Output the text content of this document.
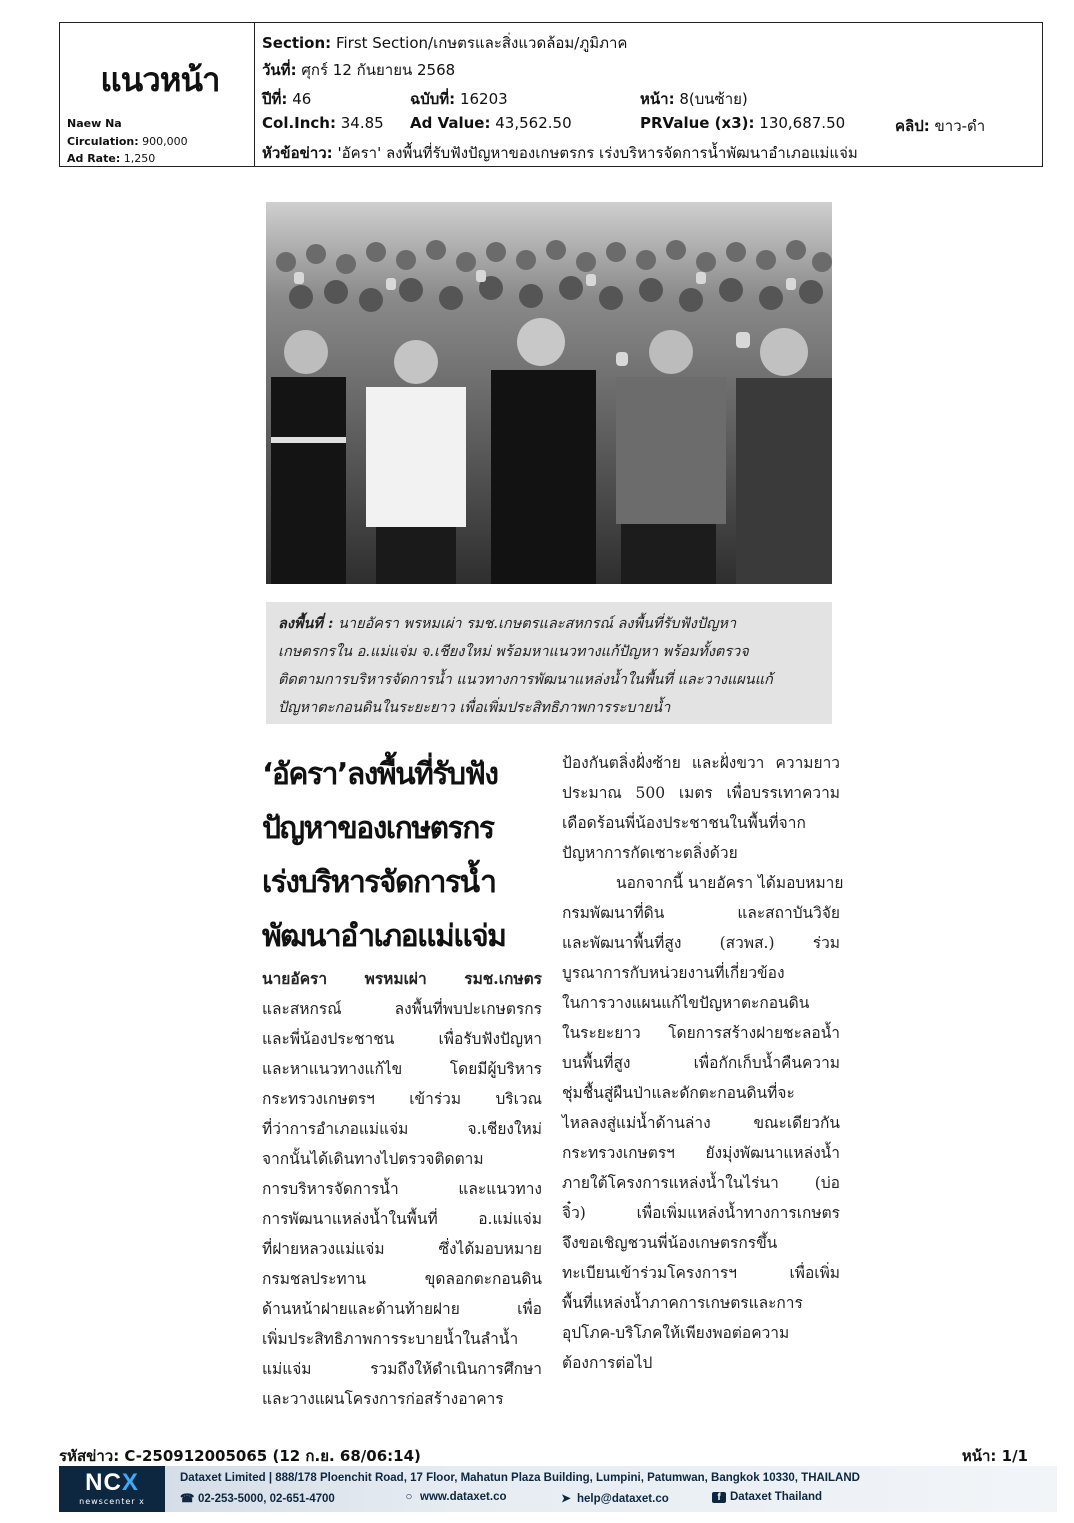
แนวหน้า
Naew Na
Circulation: 900,000
Ad Rate: 1,250
Section: First Section/เกษตรและสิ่งแวดล้อม/ภูมิภาค
วันที่: ศุกร์ 12 กันยายน 2568
ปีที่: 46	ฉบับที่: 16203	หน้า: 8(บนซ้าย)
Col.Inch: 34.85 Ad Value: 43,562.50	PRValue (x3): 130,687.50	คลิป: ขาว-ดำ
หัวข้อข่าว: 'อัครา' ลงพื้นที่รับฟังปัญหาของเกษตรกร เร่งบริหารจัดการน้ำพัฒนาอำเภอแม่แจ่ม
ลงพื้นที่ : นายอัครา พรหมเผ่า รมช.เกษตรและสหกรณ์ ลงพื้นที่รับฟังปัญหา
เกษตรกรใน อ.แม่แจ่ม จ.เชียงใหม่ พร้อมหาแนวทางแก้ปัญหา พร้อมทั้งตรวจ
ติดตามการบริหารจัดการน้ำ แนวทางการพัฒนาแหล่งน้ำในพื้นที่ และวางแผนแก้
ปัญหาตะกอนดินในระยะยาว เพื่อเพิ่มประสิทธิภาพการระบายน้ำ
‘อัครา’ลงพื้นที่รับฟัง
ปัญหาของเกษตรกร
เร่งบริหารจัดการน้ำ
พัฒนาอำเภอแม่แจ่ม
นายอัครา พรหมเผ่า รมช.เกษตร
และสหกรณ์ ลงพื้นที่พบปะเกษตรกร
และพี่น้องประชาชน เพื่อรับฟังปัญหา
และหาแนวทางแก้ไข โดยมีผู้บริหาร
กระทรวงเกษตรฯ เข้าร่วม บริเวณ
ที่ว่าการอำเภอแม่แจ่ม จ.เชียงใหม่
จากนั้นได้เดินทางไปตรวจติดตาม
การบริหารจัดการน้ำ และแนวทาง
การพัฒนาแหล่งน้ำในพื้นที่ อ.แม่แจ่ม
ที่ฝายหลวงแม่แจ่ม ซึ่งได้มอบหมาย
กรมชลประทาน ขุดลอกตะกอนดิน
ด้านหน้าฝายและด้านท้ายฝาย เพื่อ
เพิ่มประสิทธิภาพการระบายน้ำในลำน้ำ
แม่แจ่ม รวมถึงให้ดำเนินการศึกษา
และวางแผนโครงการก่อสร้างอาคาร
ป้องกันตลิ่งฝั่งซ้าย และฝั่งขวา ความยาว
ประมาณ 500 เมตร เพื่อบรรเทาความ
เดือดร้อนพี่น้องประชาชนในพื้นที่จาก
ปัญหาการกัดเซาะตลิ่งด้วย
นอกจากนี้ นายอัครา ได้มอบหมาย
กรมพัฒนาที่ดิน และสถาบันวิจัย
และพัฒนาพื้นที่สูง (สวพส.) ร่วม
บูรณาการกับหน่วยงานที่เกี่ยวข้อง
ในการวางแผนแก้ไขปัญหาตะกอนดิน
ในระยะยาว โดยการสร้างฝายชะลอน้ำ
บนพื้นที่สูง เพื่อกักเก็บน้ำคืนความ
ชุ่มชื้นสู่ผืนป่าและดักตะกอนดินที่จะ
ไหลลงสู่แม่น้ำด้านล่าง ขณะเดียวกัน
กระทรวงเกษตรฯ ยังมุ่งพัฒนาแหล่งน้ำ
ภายใต้โครงการแหล่งน้ำในไร่นา (บ่อ
จิ๋ว) เพื่อเพิ่มแหล่งน้ำทางการเกษตร
จึงขอเชิญชวนพี่น้องเกษตรกรขึ้น
ทะเบียนเข้าร่วมโครงการฯ เพื่อเพิ่ม
พื้นที่แหล่งน้ำภาคการเกษตรและการ
อุปโภค-บริโภคให้เพียงพอต่อความ
ต้องการต่อไป
รหัสข่าว: C-250912005065 (12 ก.ย. 68/06:14)	หน้า: 1/1
NCX
newscenter x
Dataxet Limited | 888/178 Ploenchit Road, 17 Floor, Mahatun Plaza Building, Lumpini, Patumwan, Bangkok 10330, THAILAND
☎ 02-253-5000, 02-651-4700	○ www.dataxet.co	➤ help@dataxet.co	f Dataxet Thailand
